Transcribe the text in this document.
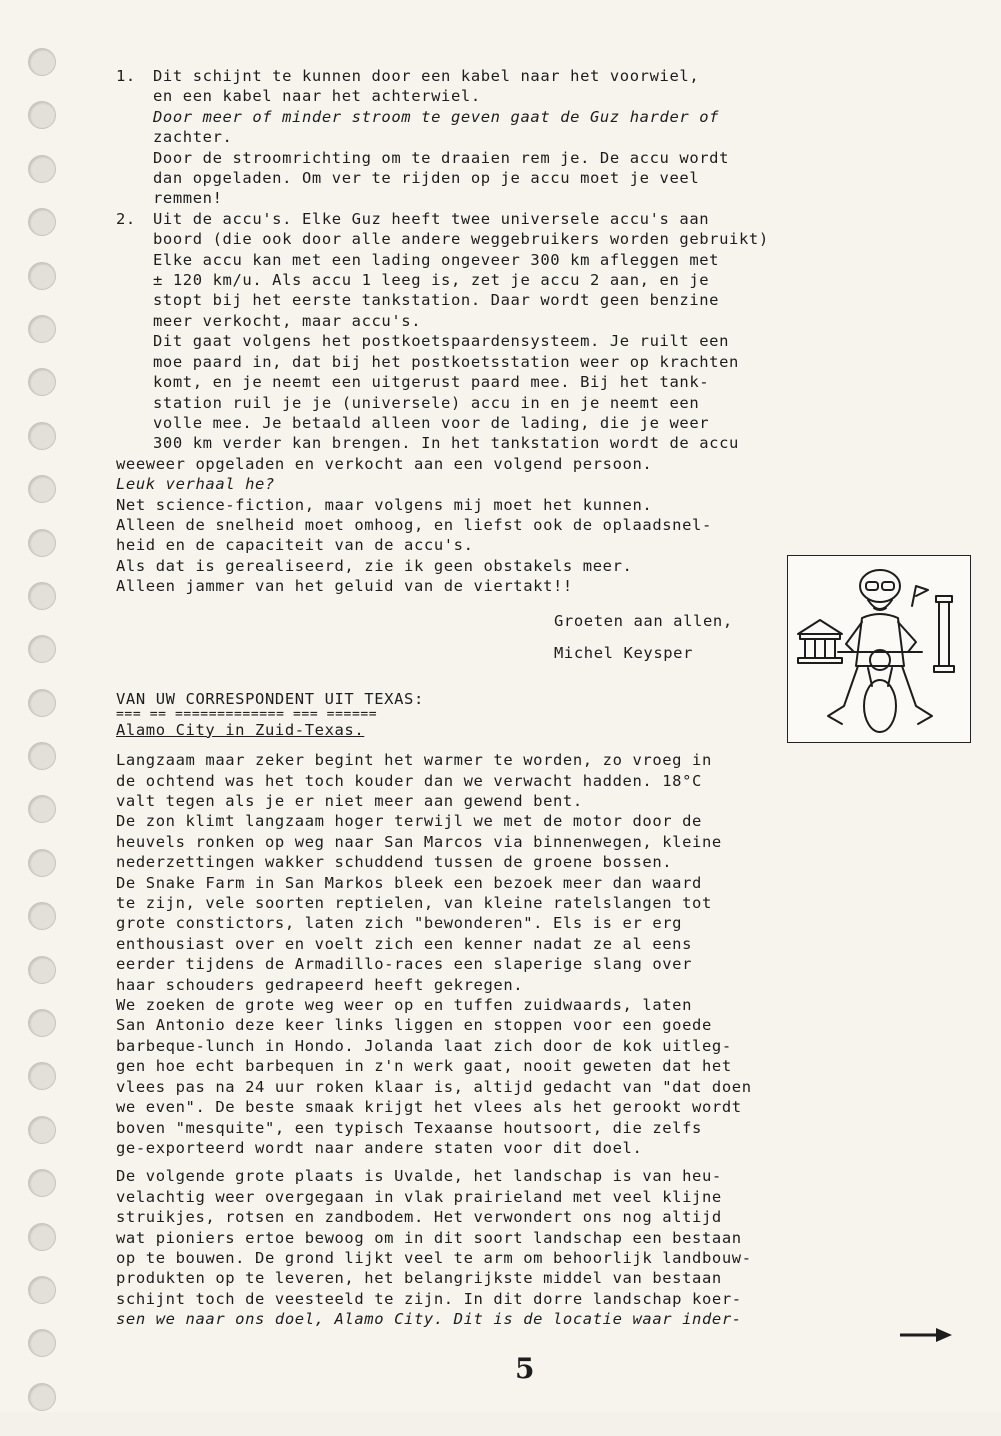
1. Dit schijnt te kunnen door een kabel naar het voorwiel,
en een kabel naar het achterwiel.
Door meer of minder stroom te geven gaat de Guz harder of
zachter.
Door de stroomrichting om te draaien rem je. De accu wordt
dan opgeladen. Om ver te rijden op je accu moet je veel
remmen!
2. Uit de accu's. Elke Guz heeft twee universele accu's aan
boord (die ook door alle andere weggebruikers worden gebruikt)
Elke accu kan met een lading ongeveer 300 km afleggen met
± 120 km/u. Als accu 1 leeg is, zet je accu 2 aan, en je
stopt bij het eerste tankstation. Daar wordt geen benzine
meer verkocht, maar accu's.
Dit gaat volgens het postkoetspaardensysteem. Je ruilt een
moe paard in, dat bij het postkoetsstation weer op krachten
komt, en je neemt een uitgerust paard mee. Bij het tank-
station ruil je je (universele) accu in en je neemt een
volle mee. Je betaald alleen voor de lading, die je weer
300 km verder kan brengen. In het tankstation wordt de accu
weeweer opgeladen en verkocht aan een volgend persoon.
Leuk verhaal he?
Net science-fiction, maar volgens mij moet het kunnen.
Alleen de snelheid moet omhoog, en liefst ook de oplaadsnel-
heid en de capaciteit van de accu's.
Als dat is gerealiseerd, zie ik geen obstakels meer.
Alleen jammer van het geluid van de viertakt!!
Groeten aan allen,
Michel Keysper
VAN UW CORRESPONDENT UIT TEXAS:
=== == ============= === ======
Alamo City in Zuid-Texas.
Langzaam maar zeker begint het warmer te worden, zo vroeg in
de ochtend was het toch kouder dan we verwacht hadden. 18°C
valt tegen als je er niet meer aan gewend bent.
De zon klimt langzaam hoger terwijl we met de motor door de
heuvels ronken op weg naar San Marcos via binnenwegen, kleine
nederzettingen wakker schuddend tussen de groene bossen.
De Snake Farm in San Markos bleek een bezoek meer dan waard
te zijn, vele soorten reptielen, van kleine ratelslangen tot
grote constictors, laten zich "bewonderen". Els is er erg
enthousiast over en voelt zich een kenner nadat ze al eens
eerder tijdens de Armadillo-races een slaperige slang over
haar schouders gedrapeerd heeft gekregen.
We zoeken de grote weg weer op en tuffen zuidwaards, laten
San Antonio deze keer links liggen en stoppen voor een goede
barbeque-lunch in Hondo. Jolanda laat zich door de kok uitleg-
gen hoe echt barbequen in z'n werk gaat, nooit geweten dat het
vlees pas na 24 uur roken klaar is, altijd gedacht van "dat doen
we even". De beste smaak krijgt het vlees als het gerookt wordt
boven "mesquite", een typisch Texaanse houtsoort, die zelfs
ge-exporteerd wordt naar andere staten voor dit doel.
De volgende grote plaats is Uvalde, het landschap is van heu-
velachtig weer overgegaan in vlak prairieland met veel klijne
struikjes, rotsen en zandbodem. Het verwondert ons nog altijd
wat pioniers ertoe bewoog om in dit soort landschap een bestaan
op te bouwen. De grond lijkt veel te arm om behoorlijk landbouw-
produkten op te leveren, het belangrijkste middel van bestaan
schijnt toch de veesteeld te zijn. In dit dorre landschap koer-
sen we naar ons doel, Alamo City. Dit is de locatie waar inder-
5
